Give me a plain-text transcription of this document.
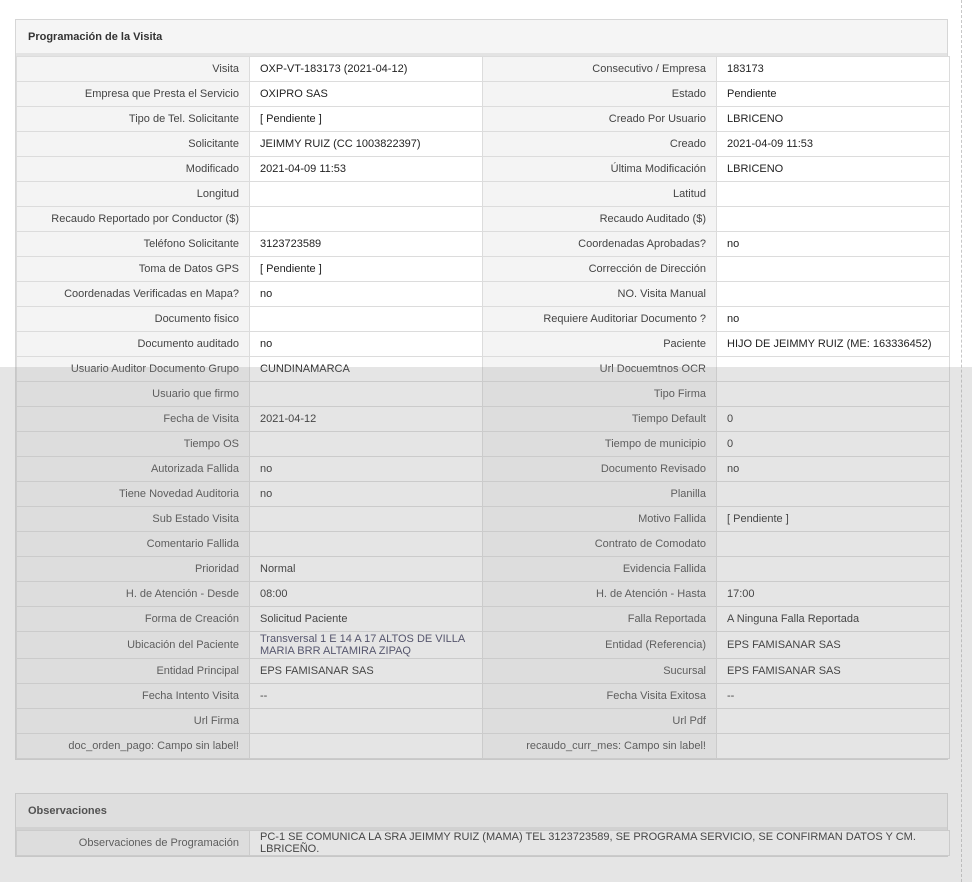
Programación de la Visita
Visita	OXP-VT-183173 (2021-04-12)	Consecutivo / Empresa	183173
Empresa que Presta el Servicio	OXIPRO SAS	Estado	Pendiente
Tipo de Tel. Solicitante	[ Pendiente ]	Creado Por Usuario	LBRICENO
Solicitante	JEIMMY RUIZ (CC 1003822397)	Creado	2021-04-09 11:53
Modificado	2021-04-09 11:53	Última Modificación	LBRICENO
Longitud		Latitud	
Recaudo Reportado por Conductor ($)		Recaudo Auditado ($)	
Teléfono Solicitante	3123723589	Coordenadas Aprobadas?	no
Toma de Datos GPS	[ Pendiente ]	Corrección de Dirección	
Coordenadas Verificadas en Mapa?	no	NO. Visita Manual	
Documento fisico		Requiere Auditoriar Documento ?	no
Documento auditado	no	Paciente	HIJO DE JEIMMY RUIZ (ME: 163336452)
Usuario Auditor Documento Grupo	CUNDINAMARCA	Url Docuemtnos OCR	
Usuario que firmo		Tipo Firma	
Fecha de Visita	2021-04-12	Tiempo Default	0
Tiempo OS		Tiempo de municipio	0
Autorizada Fallida	no	Documento Revisado	no
Tiene Novedad Auditoria	no	Planilla	
Sub Estado Visita		Motivo Fallida	[ Pendiente ]
Comentario Fallida		Contrato de Comodato	
Prioridad	Normal	Evidencia Fallida	
H. de Atención - Desde	08:00	H. de Atención - Hasta	17:00
Forma de Creación	Solicitud Paciente	Falla Reportada	A Ninguna Falla Reportada
Ubicación del Paciente	Transversal 1 E 14 A 17 ALTOS DE VILLA MARIA BRR ALTAMIRA ZIPAQ	Entidad (Referencia)	EPS FAMISANAR SAS
Entidad Principal	EPS FAMISANAR SAS	Sucursal	EPS FAMISANAR SAS
Fecha Intento Visita	--	Fecha Visita Exitosa	--
Url Firma		Url Pdf	
doc_orden_pago: Campo sin label!		recaudo_curr_mes: Campo sin label!	
Observaciones
Observaciones de Programación	PC-1 SE COMUNICA LA SRA JEIMMY RUIZ (MAMA) TEL 3123723589, SE PROGRAMA SERVICIO, SE CONFIRMAN DATOS Y CM. LBRICEÑO.
